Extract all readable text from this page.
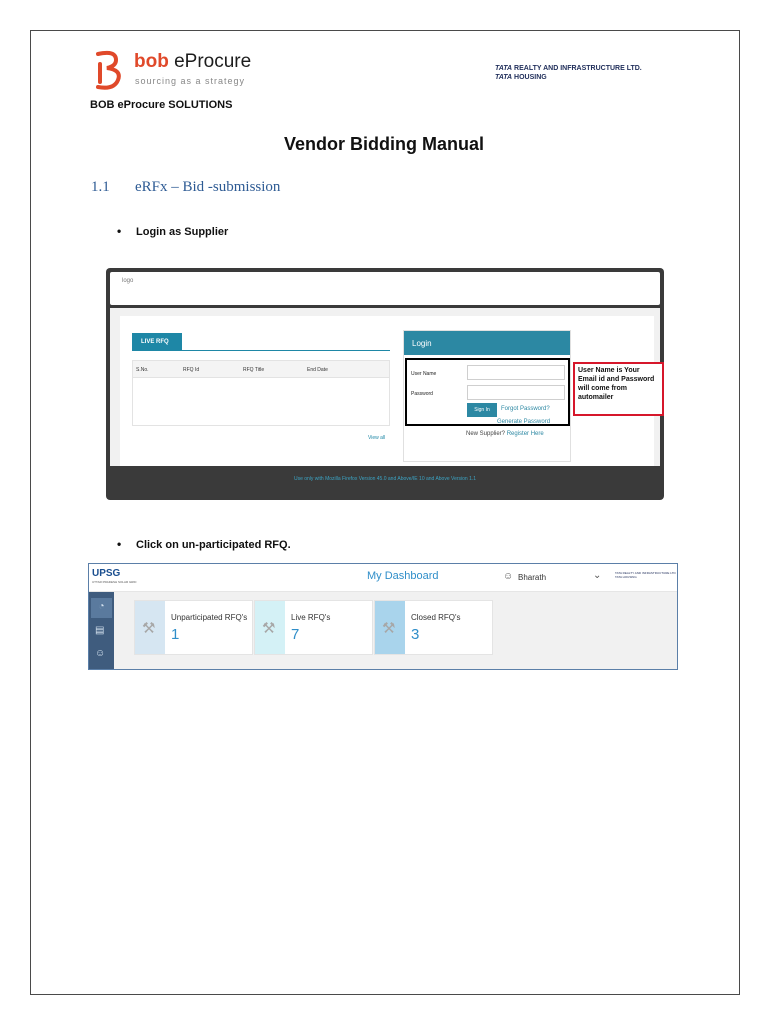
bob eProcure
sourcing as a strategy
BOB eProcure SOLUTIONS
TATA REALTY AND INFRASTRUCTURE LTD.
TATA HOUSING
Vendor Bidding Manual
1.1 eRFx – Bid -submission
• Login as Supplier
logo
LIVE RFQ
S.No.	RFQ Id	RFQ Title	End Date
View all
Login
User Name
Password
Sign In	Forgot Password?
Generate Password
New Supplier? Register Here
User Name is Your Email id and Password will come from automailer
Use only with Mozilla Firefox Version 45.0 and Above/IE 10 and Above Version 1.1
• Click on un-participated RFQ.
UPSG
UTTAR PRADESH SOLAR GRID	My Dashboard	☺ Bharath	⌄	TATA REALTY AND INFRASTRUCTURE LTD
TATA HOUSING
◔
▤
☺
⚒
Unparticipated RFQ's
1	⚒
Live RFQ's
7	⚒
Closed RFQ's
3
